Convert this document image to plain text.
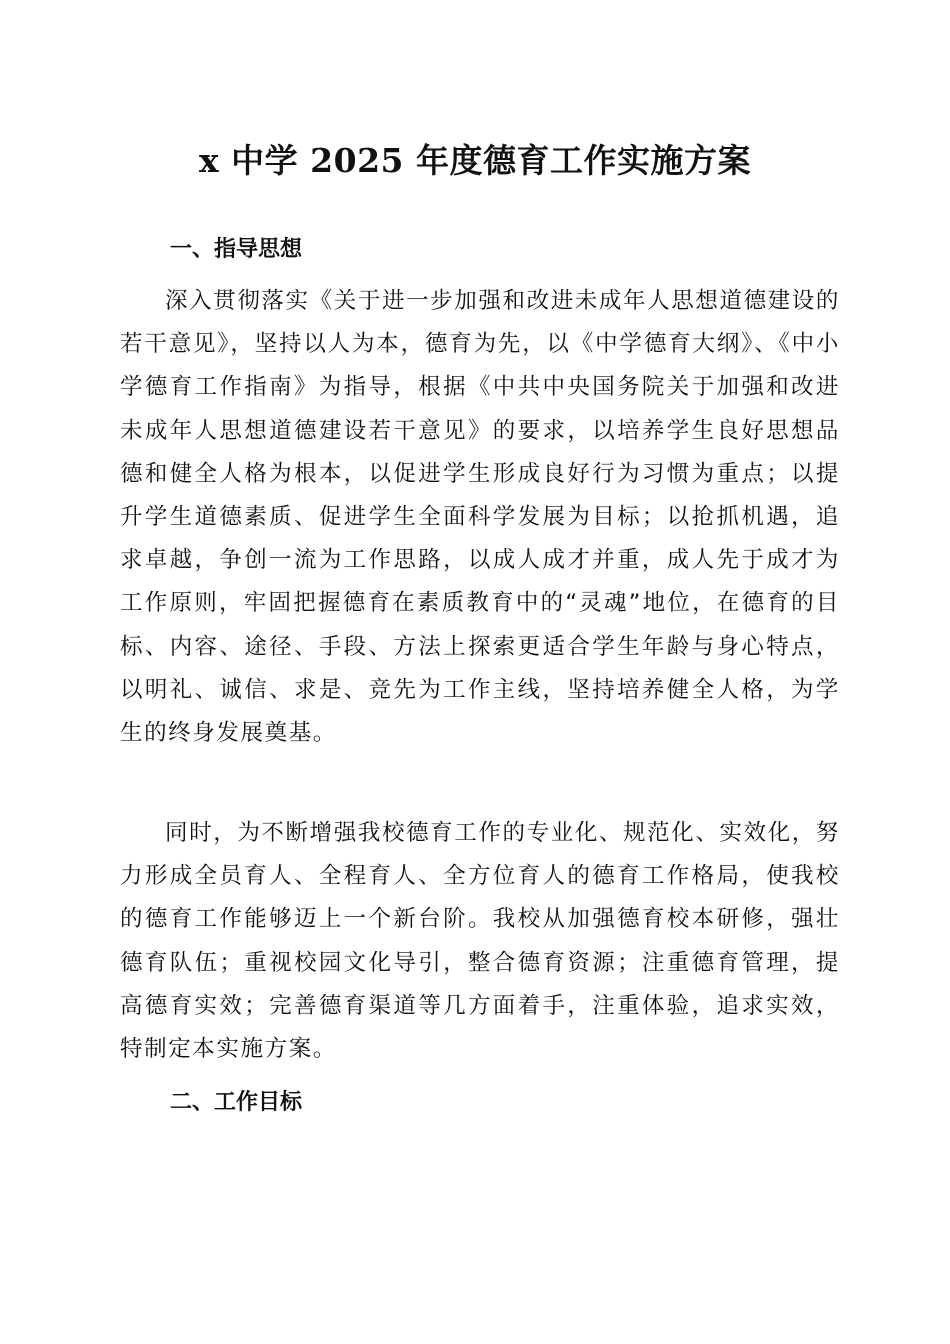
x 中学 2025 年度德育工作实施方案
一、指导思想

深入贯彻落实《关于进一步加强和改进未成年人思想道德建设的若干意见》，坚持以人为本，德育为先，以《中学德育大纲》、《中小学德育工作指南》为指导，根据《中共中央国务院关于加强和改进未成年人思想道德建设若干意见》的要求，以培养学生良好思想品德和健全人格为根本，以促进学生形成良好行为习惯为重点；以提升学生道德素质、促进学生全面科学发展为目标；以抢抓机遇，追求卓越，争创一流为工作思路，以成人成才并重，成人先于成才为工作原则，牢固把握德育在素质教育中的“灵魂”地位，在德育的目标、内容、途径、手段、方法上探索更适合学生年龄与身心特点，以明礼、诚信、求是、竞先为工作主线，坚持培养健全人格，为学生的终身发展奠基。

同时，为不断增强我校德育工作的专业化、规范化、实效化，努力形成全员育人、全程育人、全方位育人的德育工作格局，使我校的德育工作能够迈上一个新台阶。我校从加强德育校本研修，强壮德育队伍；重视校园文化导引，整合德育资源；注重德育管理，提高德育实效；完善德育渠道等几方面着手，注重体验，追求实效，特制定本实施方案。

二、工作目标
